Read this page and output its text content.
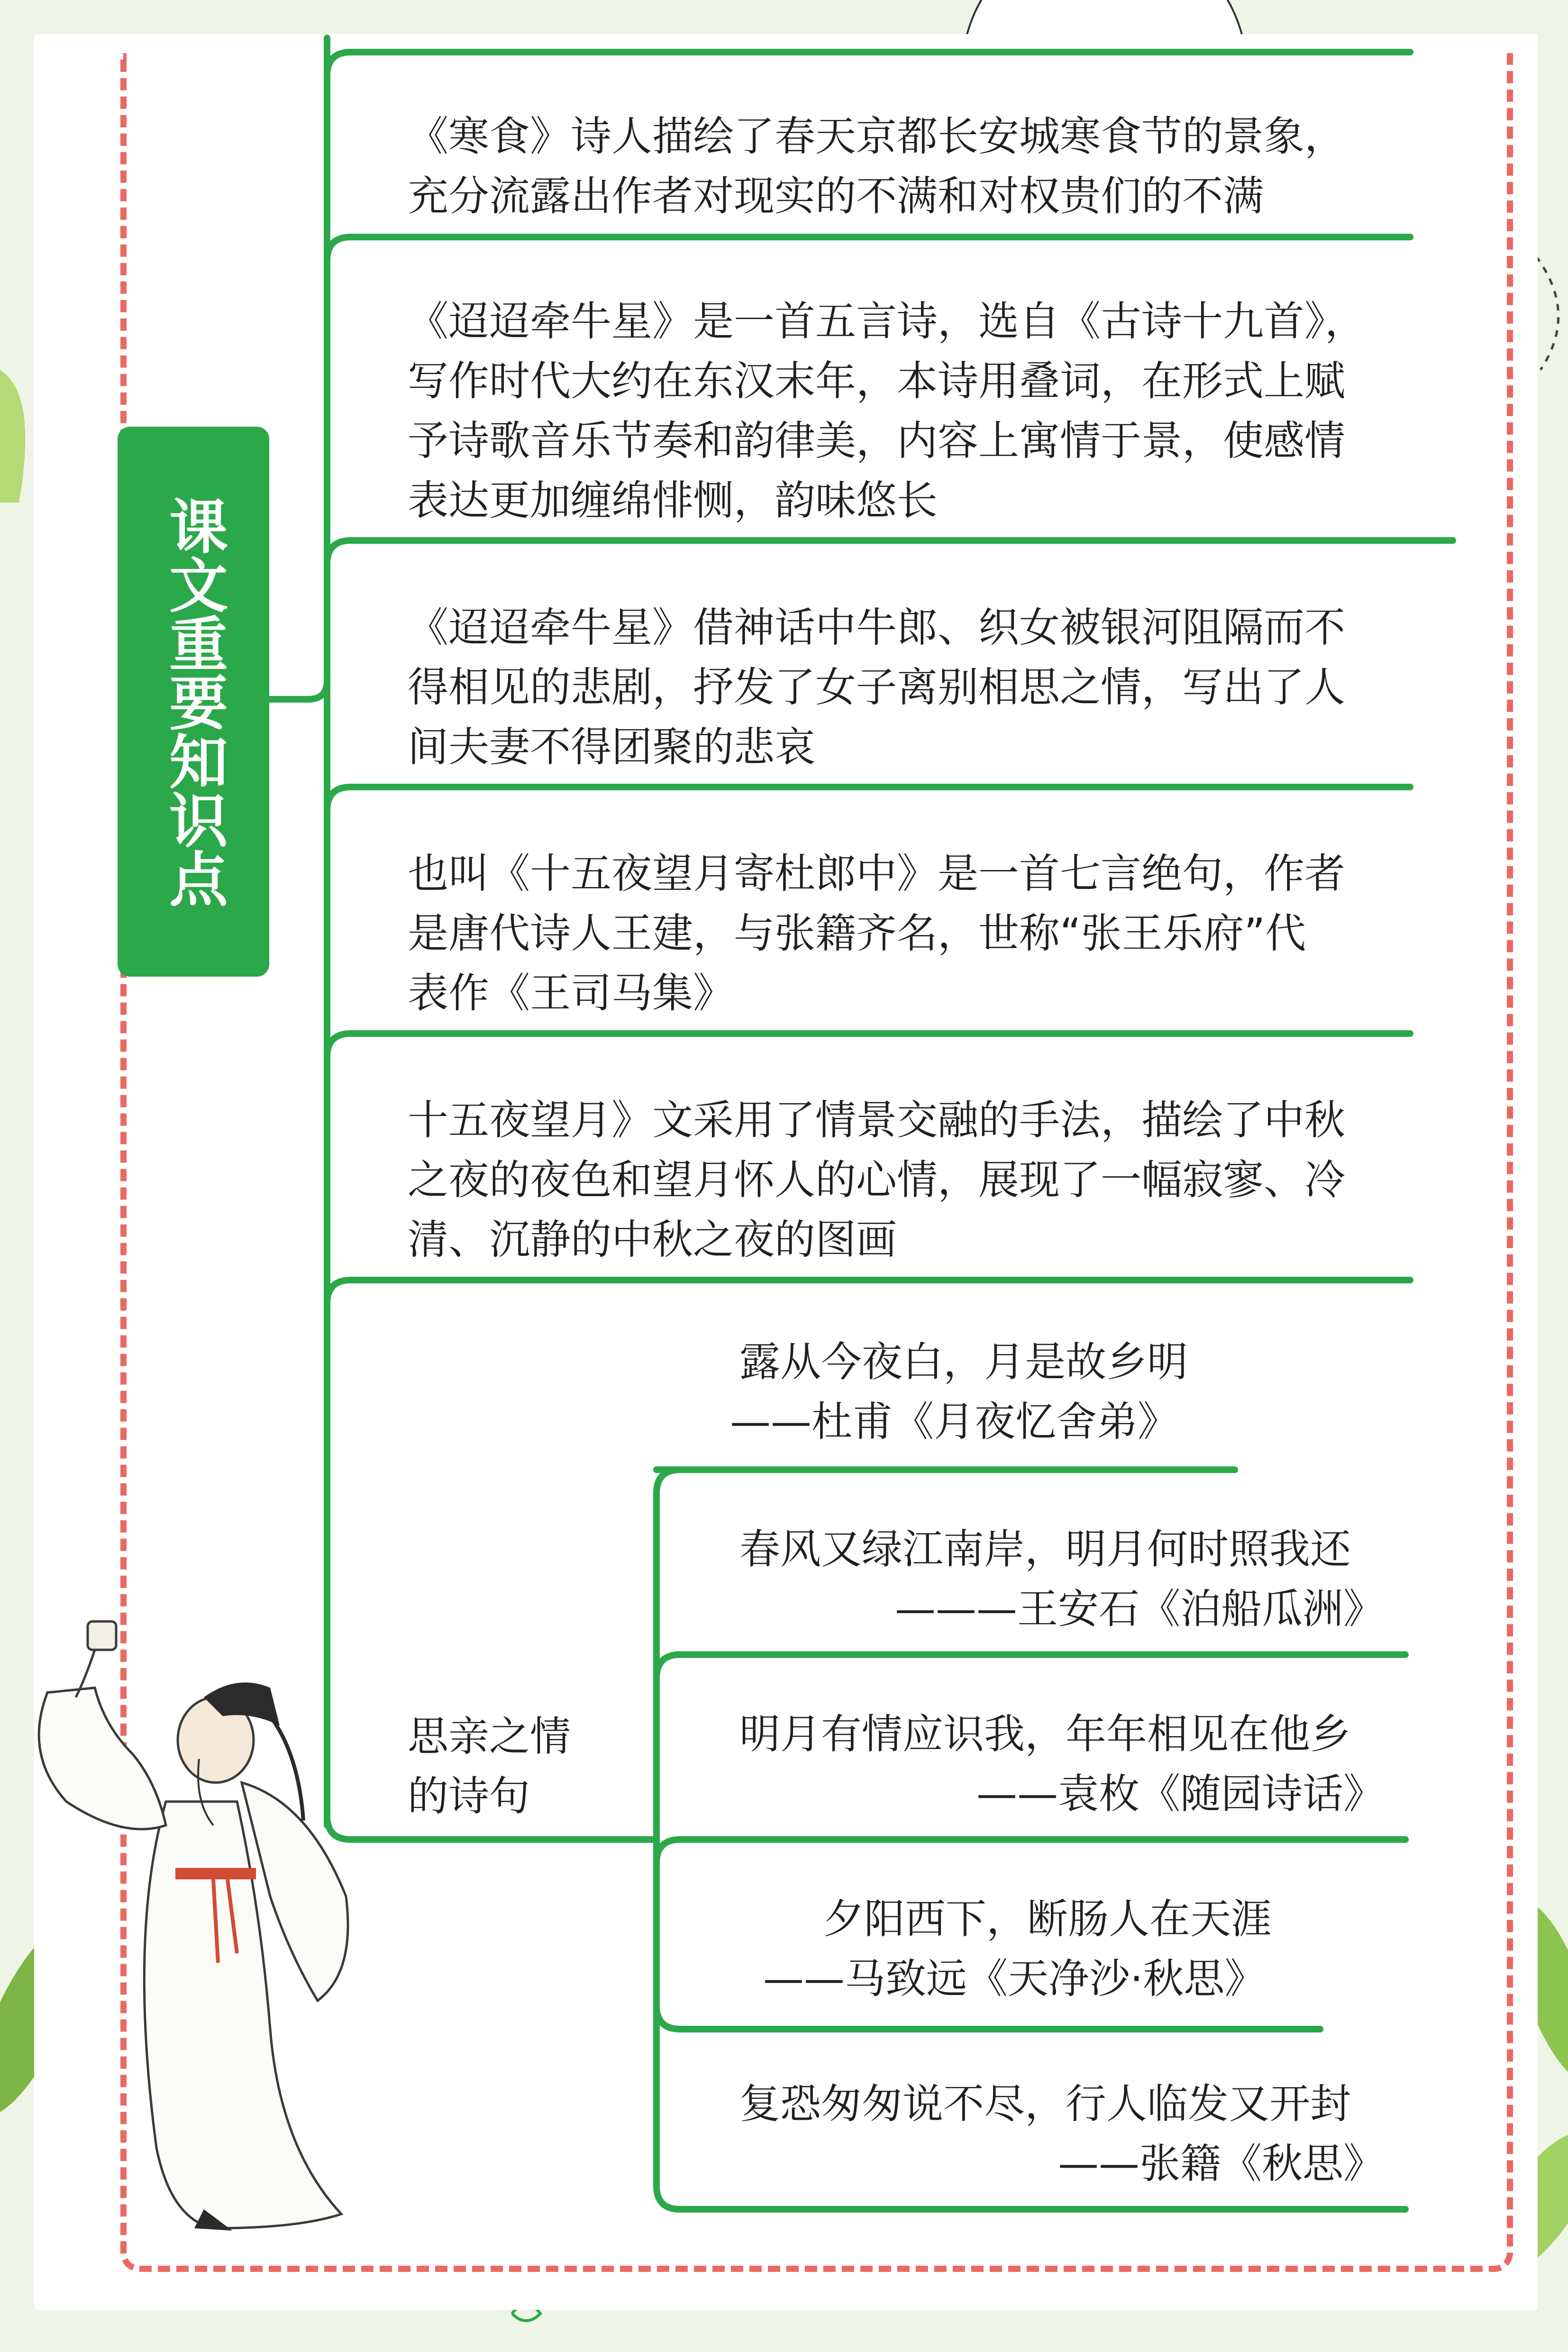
课文重要知识点
《寒食》诗人描绘了春天京都长安城寒食节的景象，
充分流露出作者对现实的不满和对权贵们的不满
《迢迢牵牛星》是一首五言诗，选自《古诗十九首》，
写作时代大约在东汉末年，本诗用叠词，在形式上赋
予诗歌音乐节奏和韵律美，内容上寓情于景，使感情
表达更加缠绵悱恻，韵味悠长
《迢迢牵牛星》借神话中牛郎、织女被银河阻隔而不
得相见的悲剧，抒发了女子离别相思之情，写出了人
间夫妻不得团聚的悲哀
也叫《十五夜望月寄杜郎中》是一首七言绝句，作者
是唐代诗人王建，与张籍齐名，世称“张王乐府”代
表作《王司马集》
十五夜望月》文采用了情景交融的手法，描绘了中秋
之夜的夜色和望月怀人的心情，展现了一幅寂寥、冷
清、沉静的中秋之夜的图画
思亲之情
的诗句
露从今夜白，月是故乡明
——杜甫《月夜忆舍弟》
春风又绿江南岸，明月何时照我还
———王安石《泊船瓜洲》
明月有情应识我，年年相见在他乡
——袁枚《随园诗话》
夕阳西下，断肠人在天涯
——马致远《天净沙·秋思》
复恐匆匆说不尽，行人临发又开封
——张籍《秋思》
